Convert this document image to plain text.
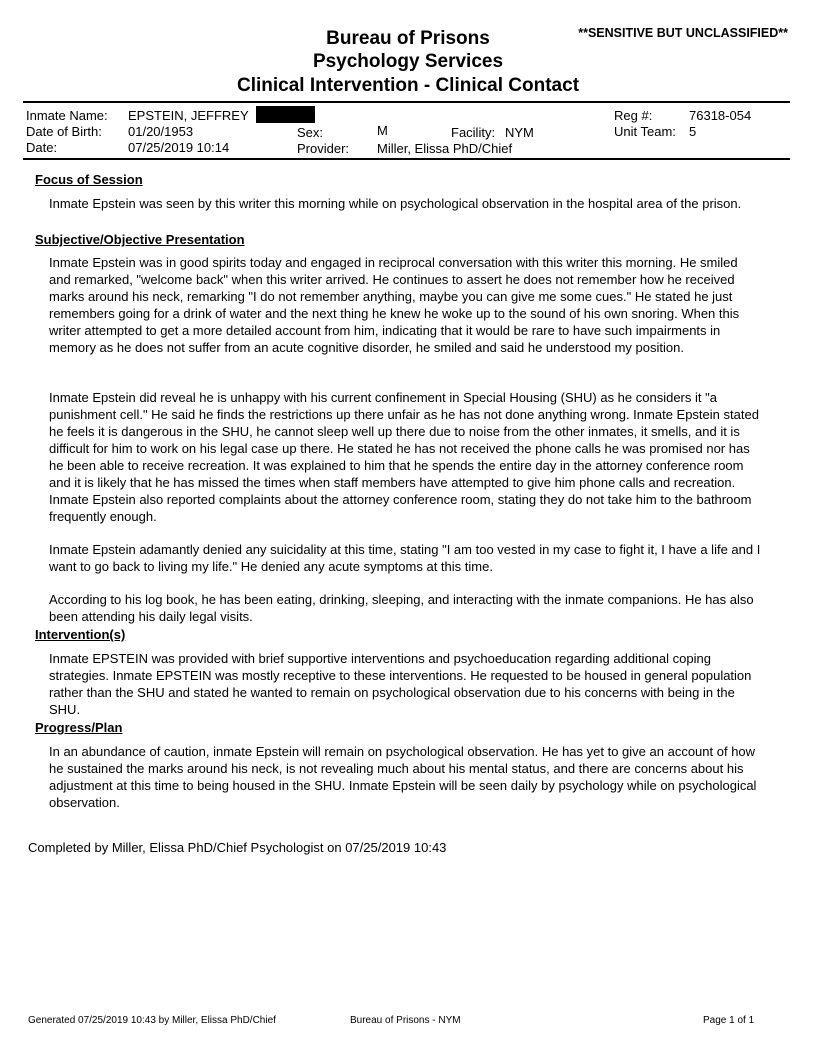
**SENSITIVE BUT UNCLASSIFIED**
Bureau of Prisons
Psychology Services
Clinical Intervention - Clinical Contact
Inmate Name: EPSTEIN, JEFFREY	Reg #:	76318-054
Date of Birth: 01/20/1953	Sex:	M	Facility: NYM	Unit Team: 5
Date:	07/25/2019 10:14	Provider: Miller, Elissa PhD/Chief
Focus of Session

Inmate Epstein was seen by this writer this morning while on psychological observation in the hospital area of the prison.

Subjective/Objective Presentation

Inmate Epstein was in good spirits today and engaged in reciprocal conversation with this writer this morning. He smiled and remarked, "welcome back" when this writer arrived. He continues to assert he does not remember how he received marks around his neck, remarking "I do not remember anything, maybe you can give me some cues." He stated he just remembers going for a drink of water and the next thing he knew he woke up to the sound of his own snoring. When this writer attempted to get a more detailed account from him, indicating that it would be rare to have such impairments in memory as he does not suffer from an acute cognitive disorder, he smiled and said he understood my position.

Inmate Epstein did reveal he is unhappy with his current confinement in Special Housing (SHU) as he considers it "a punishment cell." He said he finds the restrictions up there unfair as he has not done anything wrong. Inmate Epstein stated he feels it is dangerous in the SHU, he cannot sleep well up there due to noise from the other inmates, it smells, and it is difficult for him to work on his legal case up there. He stated he has not received the phone calls he was promised nor has he been able to receive recreation. It was explained to him that he spends the entire day in the attorney conference room and it is likely that he has missed the times when staff members have attempted to give him phone calls and recreation. Inmate Epstein also reported complaints about the attorney conference room, stating they do not take him to the bathroom frequently enough.

Inmate Epstein adamantly denied any suicidality at this time, stating "I am too vested in my case to fight it, I have a life and I want to go back to living my life." He denied any acute symptoms at this time.

According to his log book, he has been eating, drinking, sleeping, and interacting with the inmate companions. He has also been attending his daily legal visits.

Intervention(s)

Inmate EPSTEIN was provided with brief supportive interventions and psychoeducation regarding additional coping strategies. Inmate EPSTEIN was mostly receptive to these interventions. He requested to be housed in general population rather than the SHU and stated he wanted to remain on psychological observation due to his concerns with being in the SHU.

Progress/Plan

In an abundance of caution, inmate Epstein will remain on psychological observation. He has yet to give an account of how he sustained the marks around his neck, is not revealing much about his mental status, and there are concerns about his adjustment at this time to being housed in the SHU. Inmate Epstein will be seen daily by psychology while on psychological observation.

Completed by Miller, Elissa PhD/Chief Psychologist on 07/25/2019 10:43
Generated 07/25/2019 10:43 by Miller, Elissa PhD/Chief	Bureau of Prisons - NYM	Page 1 of 1
